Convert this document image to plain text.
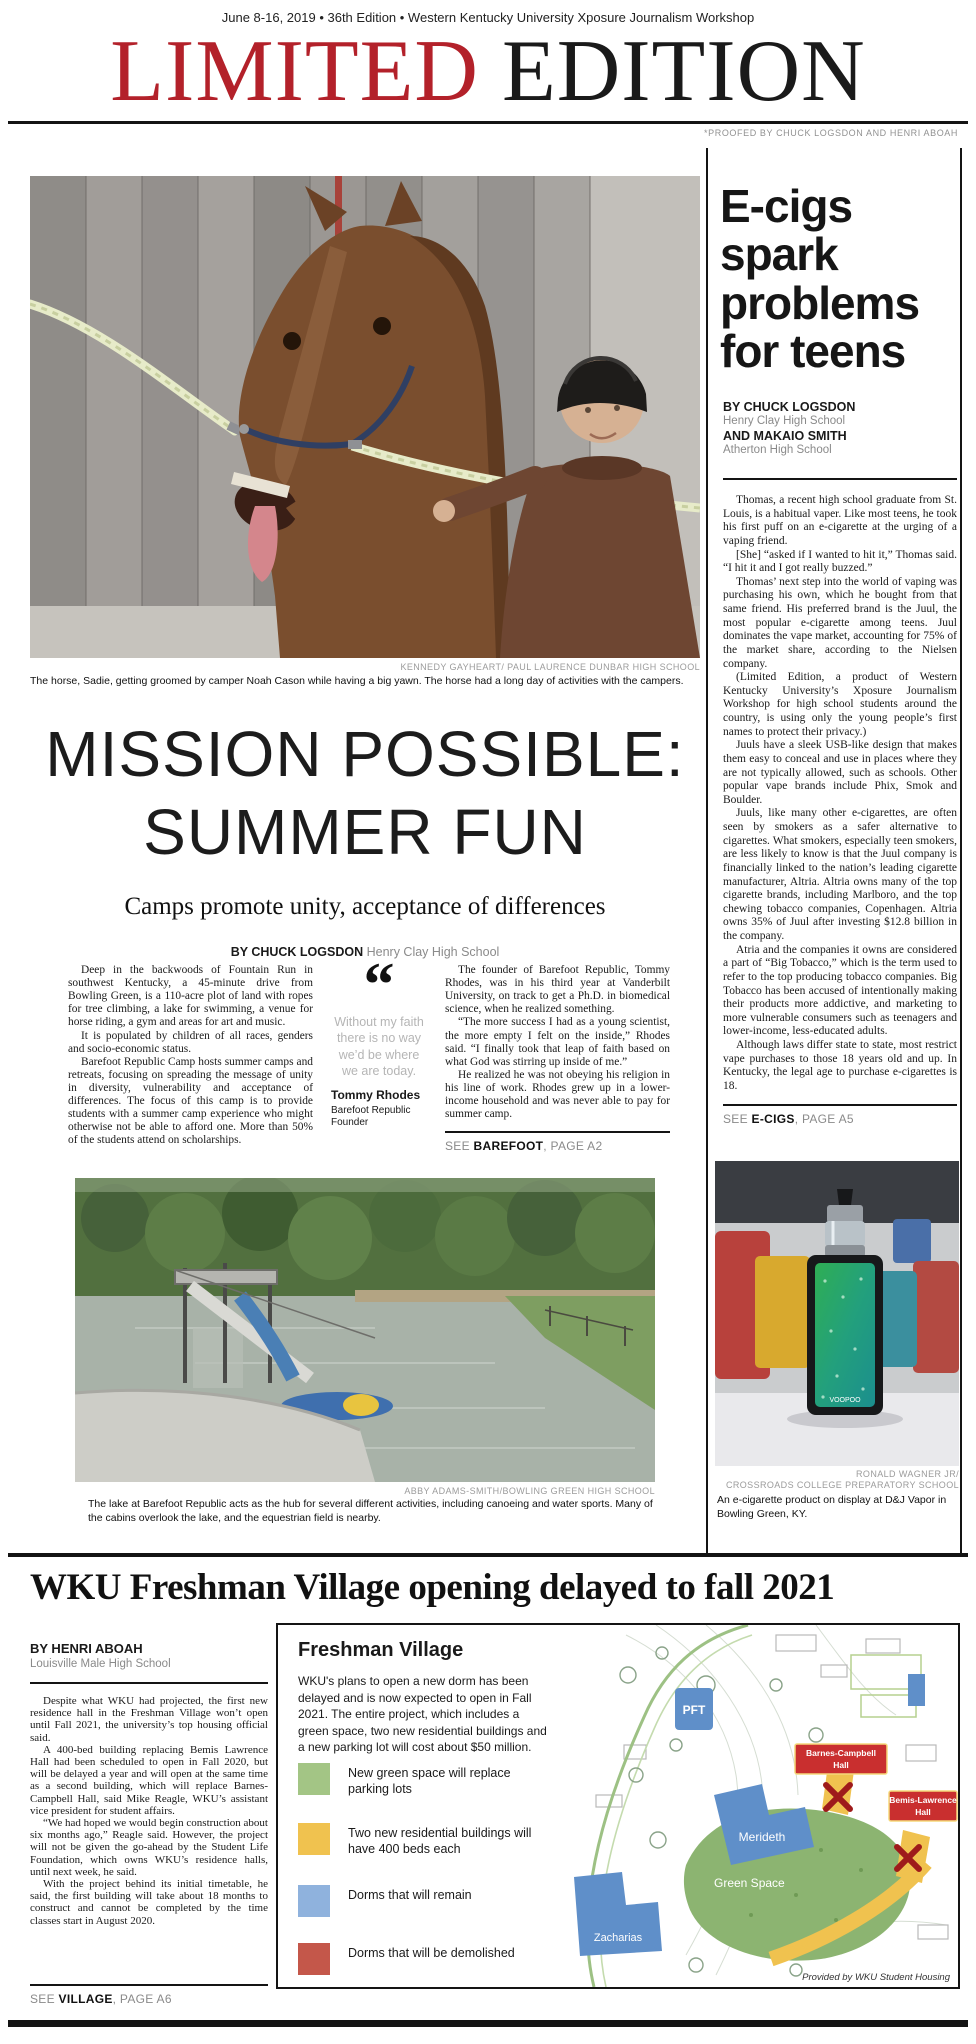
June 8-16, 2019 • 36th Edition • Western Kentucky University Xposure Journalism Workshop
LIMITED EDITION
*PROOFED BY CHUCK LOGSDON AND HENRI ABOAH
KENNEDY GAYHEART/ PAUL LAURENCE DUNBAR HIGH SCHOOL
The horse, Sadie, getting groomed by camper Noah Cason while having a big yawn. The horse had a long day of activities with the campers.
MISSION POSSIBLE:
SUMMER FUN
Camps promote unity, acceptance of differences
BY CHUCK LOGSDON Henry Clay High School

Deep in the backwoods of Fountain Run in southwest Kentucky, a 45-minute drive from Bowling Green, is a 110-acre plot of land with ropes for tree climbing, a lake for swimming, a venue for horse riding, a gym and areas for art and music.

It is populated by children of all races, genders and socio-economic status.

Barefoot Republic Camp hosts summer camps and retreats, focusing on spreading the message of unity in diversity, vulnerability and acceptance of differences. The focus of this camp is to provide students with a summer camp experience who might otherwise not be able to afford one. More than 50% of the students attend on scholarships.

“
Without my faith there is no way we’d be where we are today.
Tommy Rhodes
Barefoot Republic Founder

The founder of Barefoot Republic, Tommy Rhodes, was in his third year at Vanderbilt University, on track to get a Ph.D. in biomedical science, when he realized something.

“The more success I had as a young scientist, the more empty I felt on the inside,” Rhodes said. “I finally took that leap of faith based on what God was stirring up inside of me.”

He realized he was not obeying his religion in his line of work. Rhodes grew up in a lower-income household and was never able to pay for summer camp.

SEE BAREFOOT, PAGE A2
ABBY ADAMS-SMITH/BOWLING GREEN HIGH SCHOOL
The lake at Barefoot Republic acts as the hub for several different activities, including canoeing and water sports. Many of the cabins overlook the lake, and the equestrian field is nearby.
E-cigs spark problems for teens
BY CHUCK LOGSDON
Henry Clay High School
AND MAKAIO SMITH
Atherton High School

Thomas, a recent high school graduate from St. Louis, is a habitual vaper. Like most teens, he took his first puff on an e-cigarette at the urging of a vaping friend.

[She] “asked if I wanted to hit it,” Thomas said. “I hit it and I got really buzzed.”

Thomas’ next step into the world of vaping was purchasing his own, which he bought from that same friend. His preferred brand is the Juul, the most popular e-cigarette among teens. Juul dominates the vape market, accounting for 75% of the market share, according to the Nielsen company.

(Limited Edition, a product of Western Kentucky University’s Xposure Journalism Workshop for high school students around the country, is using only the young people’s first names to protect their privacy.)

Juuls have a sleek USB-like design that makes them easy to conceal and use in places where they are not typically allowed, such as schools. Other popular vape brands include Phix, Smok and Boulder.

Juuls, like many other e-cigarettes, are often seen by smokers as a safer alternative to cigarettes. What smokers, especially teen smokers, are less likely to know is that the Juul company is financially linked to the nation’s leading cigarette manufacturer, Altria. Altria owns many of the top cigarette brands, including Marlboro, and the top chewing tobacco companies, Copenhagen. Altria owns 35% of Juul after investing $12.8 billion in the company.

Atria and the companies it owns are considered a part of “Big Tobacco,” which is the term used to refer to the top producing tobacco companies. Big Tobacco has been accused of intentionally making their products more addictive, and marketing to more vulnerable consumers such as teenagers and lower-income, less-educated adults.

Although laws differ state to state, most restrict vape purchases to those 18 years old and up. In Kentucky, the legal age to purchase e-cigarettes is 18.

SEE E-CIGS, PAGE A5
VOOPOO
RONALD WAGNER JR/
CROSSROADS COLLEGE PREPARATORY SCHOOL
An e-cigarette product on display at D&J Vapor in Bowling Green, KY.
WKU Freshman Village opening delayed to fall 2021
BY HENRI ABOAH
Louisville Male High School

Despite what WKU had projected, the first new residence hall in the Freshman Village won’t open until Fall 2021, the university’s top housing official said.

A 400-bed building replacing Bemis Lawrence Hall had been scheduled to open in Fall 2020, but will be delayed a year and will open at the same time as a second building, which will replace Barnes-Campbell Hall, said Mike Reagle, WKU’s assistant vice president for student affairs.

“We had hoped we would begin construction about six months ago,” Reagle said. However, the project will not be given the go-ahead by the Student Life Foundation, which owns WKU’s residence halls, until next week, he said.

With the project behind its initial timetable, he said, the first building will take about 18 months to construct and cannot be completed by the time classes start in August 2020.

SEE VILLAGE, PAGE A6
Freshman Village
WKU's plans to open a new dorm has been delayed and is now expected to open in Fall 2021. The entire project, which includes a green space, two new residential buildings and a new parking lot will cost about $50 million.
New green space will replace parking lots
Two new residential buildings will have 400 beds each
Dorms that will remain
Dorms that will be demolished
Green Space
PFT
Merideth
Zacharias
Barnes-Campbell
Hall
Bemis-Lawrence
Hall
Provided by WKU Student Housing
